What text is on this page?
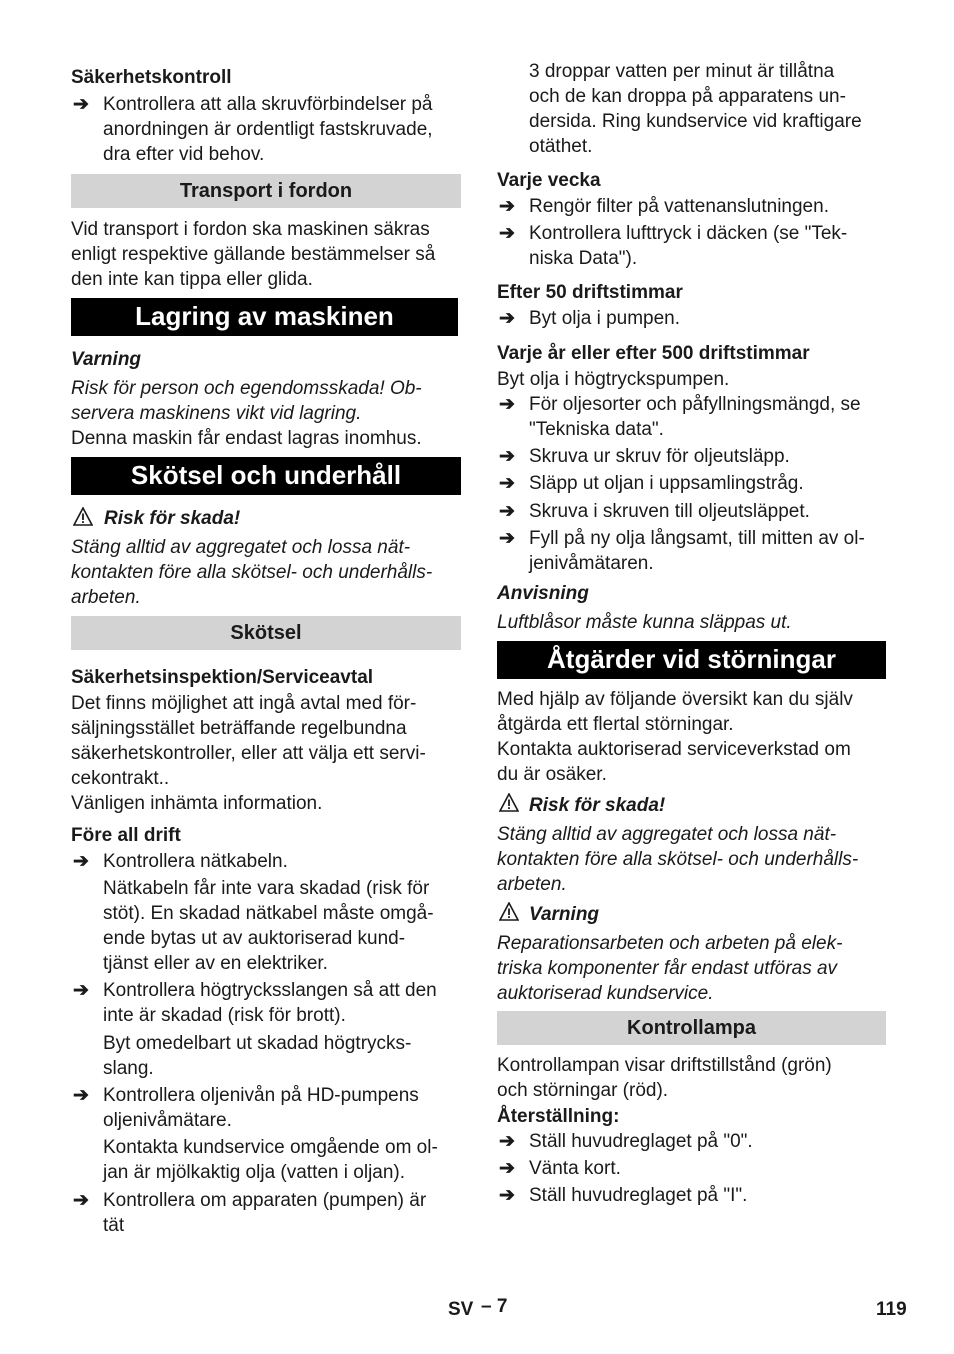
Säkerhetskontroll
➔ Kontrollera att alla skruvförbindelser på
anordningen är ordentligt fastskruvade,
dra efter vid behov.
Transport i fordon
Vid transport i fordon ska maskinen säkras
enligt respektive gällande bestämmelser så
den inte kan tippa eller glida.
Lagring av maskinen
Varning
Risk för person och egendomsskada! Ob-
servera maskinens vikt vid lagring.
Denna maskin får endast lagras inomhus.
Skötsel och underhåll
Risk för skada!
Stäng alltid av aggregatet och lossa nät-
kontakten före alla skötsel- och underhålls-
arbeten.
Skötsel
Säkerhetsinspektion/Serviceavtal
Det finns möjlighet att ingå avtal med för-
säljningsstället beträffande regelbundna
säkerhetskontroller, eller att välja ett servi-
cekontrakt..
Vänligen inhämta information.
Före all drift
➔ Kontrollera nätkabeln.
Nätkabeln får inte vara skadad (risk för
stöt). En skadad nätkabel måste omgå-
ende bytas ut av auktoriserad kund-
tjänst eller av en elektriker.
➔ Kontrollera högtrycksslangen så att den
inte är skadad (risk för brott).
Byt omedelbart ut skadad högtrycks-
slang.
➔ Kontrollera oljenivån på HD-pumpens
oljenivåmätare.
Kontakta kundservice omgående om ol-
jan är mjölkaktig olja (vatten i oljan).
➔ Kontrollera om apparaten (pumpen) är
tät
3 droppar vatten per minut är tillåtna
och de kan droppa på apparatens un-
dersida. Ring kundservice vid kraftigare
otäthet.
Varje vecka
➔ Rengör filter på vattenanslutningen.
➔ Kontrollera lufttryck i däcken (se "Tek-
niska Data").
Efter 50 driftstimmar
➔ Byt olja i pumpen.
Varje år eller efter 500 driftstimmar
Byt olja i högtryckspumpen.
➔ För oljesorter och påfyllningsmängd, se
"Tekniska data".
➔ Skruva ur skruv för oljeutsläpp.
➔ Släpp ut oljan i uppsamlingstråg.
➔ Skruva i skruven till oljeutsläppet.
➔ Fyll på ny olja långsamt, till mitten av ol-
jenivåmätaren.
Anvisning
Luftblåsor måste kunna släppas ut.
Åtgärder vid störningar
Med hjälp av följande översikt kan du själv
åtgärda ett flertal störningar.
Kontakta auktoriserad serviceverkstad om
du är osäker.
Risk för skada!
Stäng alltid av aggregatet och lossa nät-
kontakten före alla skötsel- och underhålls-
arbeten.
Varning
Reparationsarbeten och arbeten på elek-
triska komponenter får endast utföras av
auktoriserad kundservice.
Kontrollampa
Kontrollampan visar driftstillstånd (grön)
och störningar (röd).
Återställning:
➔ Ställ huvudreglaget på "0".
➔ Vänta kort.
➔ Ställ huvudreglaget på "I".
SV – 7	119
